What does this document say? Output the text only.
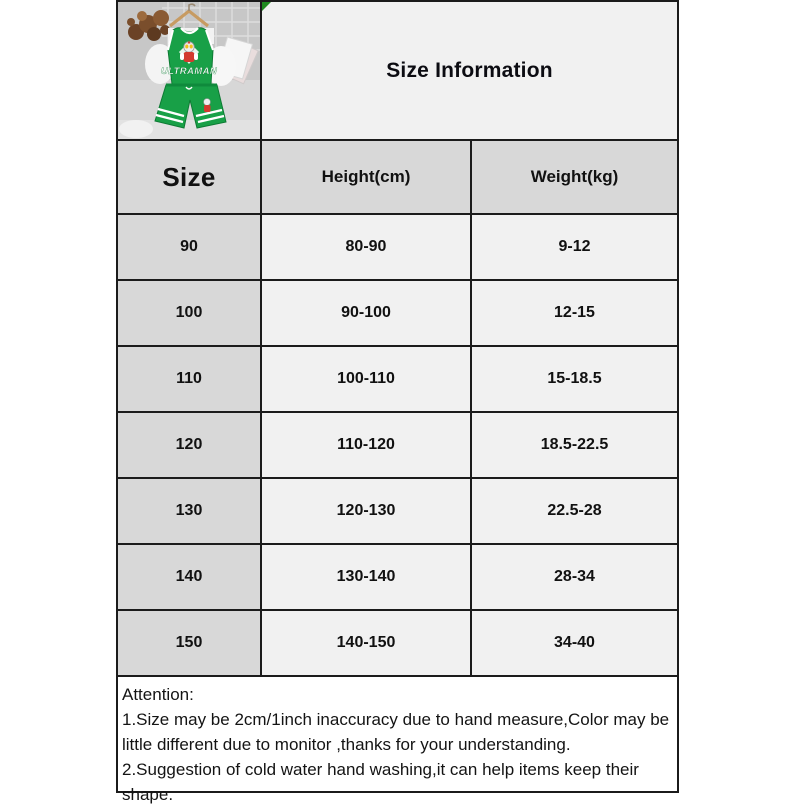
ULTRAMAN	Size Information
Size	Height(cm)	Weight(kg)
90	80-90	9-12
100	90-100	12-15
110	100-110	15-18.5
120	110-120	18.5-22.5
130	120-130	22.5-28
140	130-140	28-34
150	140-150	34-40
Attention:
1.Size may be 2cm/1inch inaccuracy due to hand measure,Color may be little different due to monitor ,thanks for your understanding.
2.Suggestion of cold water hand washing,it can help items keep their shape.
